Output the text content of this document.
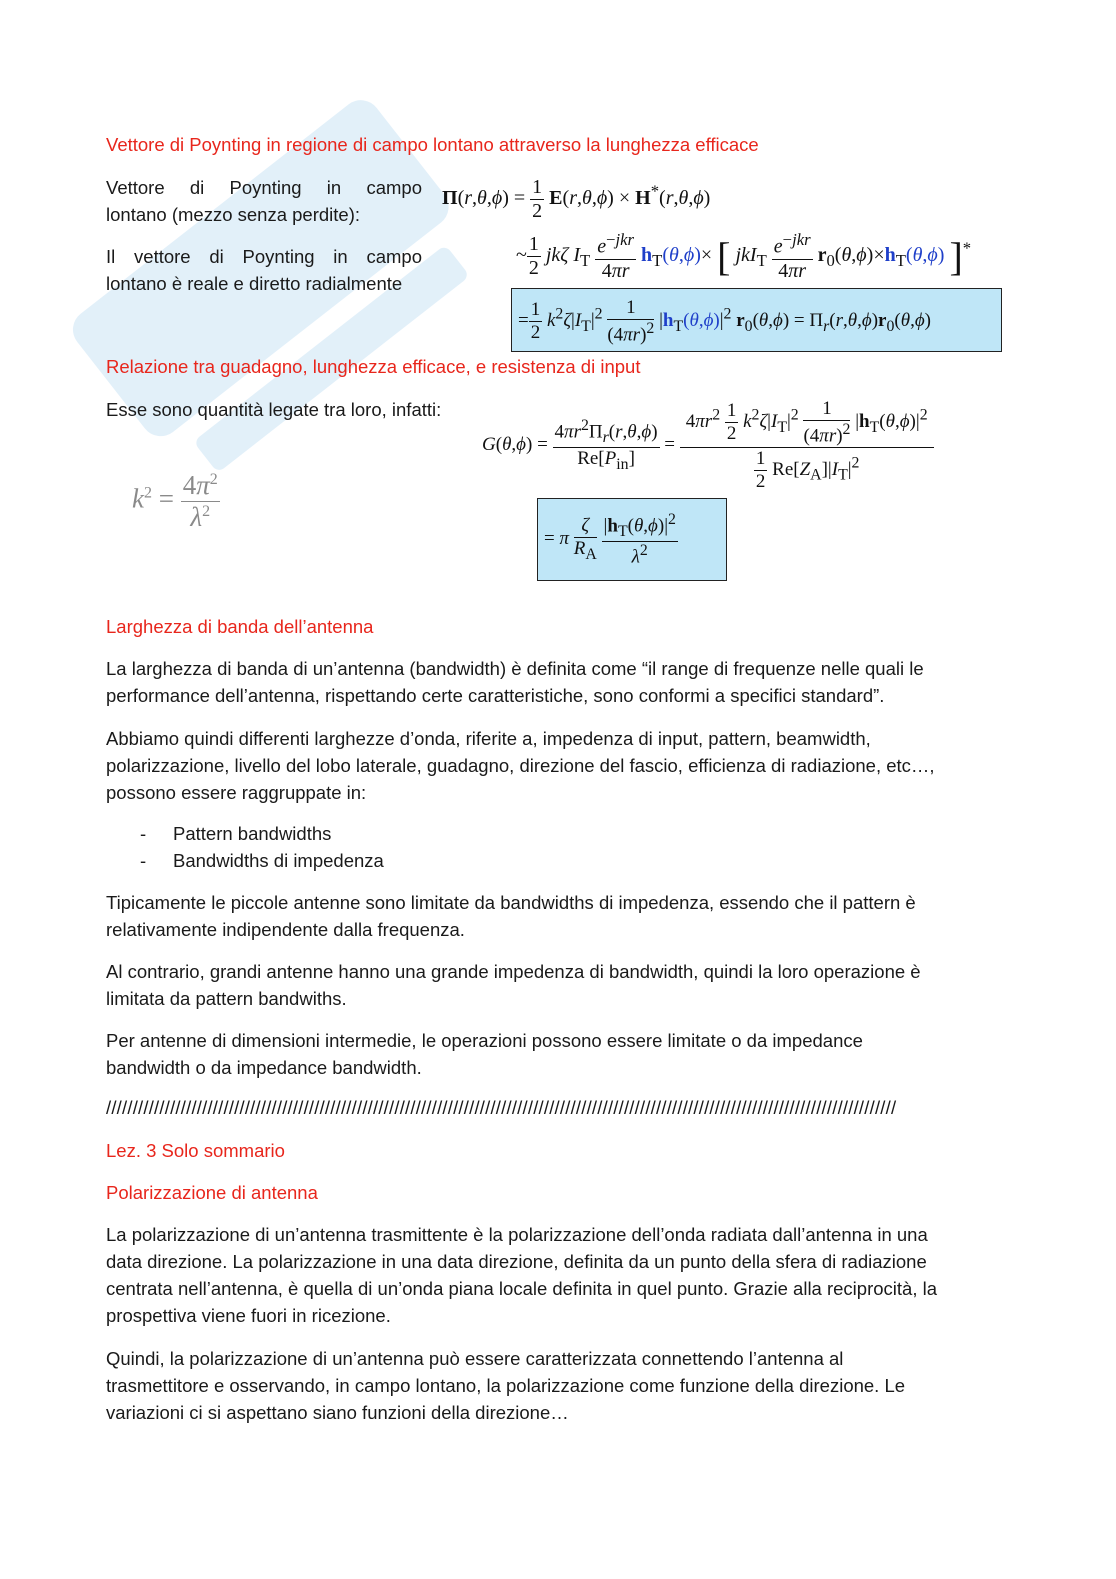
Vettore di Poynting in regione di campo lontano attraverso la lunghezza efficace
Vettore di Poynting in campo
lontano (mezzo senza perdite):
Il vettore di Poynting in campo
lontano è reale e diretto radialmente
$\Pi(r,\theta,\phi) = \frac{1}{2} E(r,\theta,\phi) \times H^*(r,\theta,\phi)$
~ $\frac{1}{2}$ jkζ $I_T \frac{e^{-jkr}}{4\pi r} h_T(\theta,\phi)\times$ [ $jkI_T \frac{e^{-jkr}}{4\pi r} r_0(\theta,\phi)\times h_T(\theta,\phi)$ ]*
= $\frac{1}{2} k^2\zeta|I_T|^2 \frac{1}{(4\pi r)^2} |h_T(\theta,\phi)|^2$ $r_0(\theta,\phi) = \Pi_r(r,\theta,\phi)r_0(\theta,\phi)$
Relazione tra guadagno, lunghezza efficace, e resistenza di input
Esse sono quantità legate tra loro, infatti:
$k^2 = \frac{4\pi^2}{\lambda^2}$
$G(\theta,\phi) = \frac{4\pi r^2\Pi_r(r,\theta,\phi)}{Re[P_{in}]} = \frac{4\pi r^2 \frac{1}{2} k^2\zeta|I_T|^2 \frac{1}{(4\pi r)^2} |h_T(\theta,\phi)|^2}{\frac{1}{2} Re[Z_A]|I_T|^2}$
= π $\frac{\zeta}{R_A}$
$\frac{|h_T(\theta,\phi)|^2}{\lambda^2}$
Larghezza di banda dell’antenna
La larghezza di banda di un’antenna (bandwidth) è definita come “il range di frequenze nelle quali le
performance dell’antenna, rispettando certe caratteristiche, sono conformi a specifici standard”.
Abbiamo quindi differenti larghezze d’onda, riferite a, impedenza di input, pattern, beamwidth,
polarizzazione, livello del lobo laterale, guadagno, direzione del fascio, efficienza di radiazione, etc…,
possono essere raggruppate in:
- Pattern bandwidths
- Bandwidths di impedenza
Tipicamente le piccole antenne sono limitate da bandwidths di impedenza, essendo che il pattern è
relativamente indipendente dalla frequenza.
Al contrario, grandi antenne hanno una grande impedenza di bandwidth, quindi la loro operazione è
limitata da pattern bandwiths.
Per antenne di dimensioni intermedie, le operazioni possono essere limitate o da impedance
bandwidth o da impedance bandwidth.
////////////////////////////////////////////////////////////////////////////////////////////////////////////////////////////////////////////////////
Lez. 3 Solo sommario
Polarizzazione di antenna
La polarizzazione di un’antenna trasmittente è la polarizzazione dell’onda radiata dall’antenna in una
data direzione. La polarizzazione in una data direzione, definita da un punto della sfera di radiazione
centrata nell’antenna, è quella di un’onda piana locale definita in quel punto. Grazie alla reciprocità, la
prospettiva viene fuori in ricezione.
Quindi, la polarizzazione di un’antenna può essere caratterizzata connettendo l’antenna al
trasmettitore e osservando, in campo lontano, la polarizzazione come funzione della direzione. Le
variazioni ci si aspettano siano funzioni della direzione…
